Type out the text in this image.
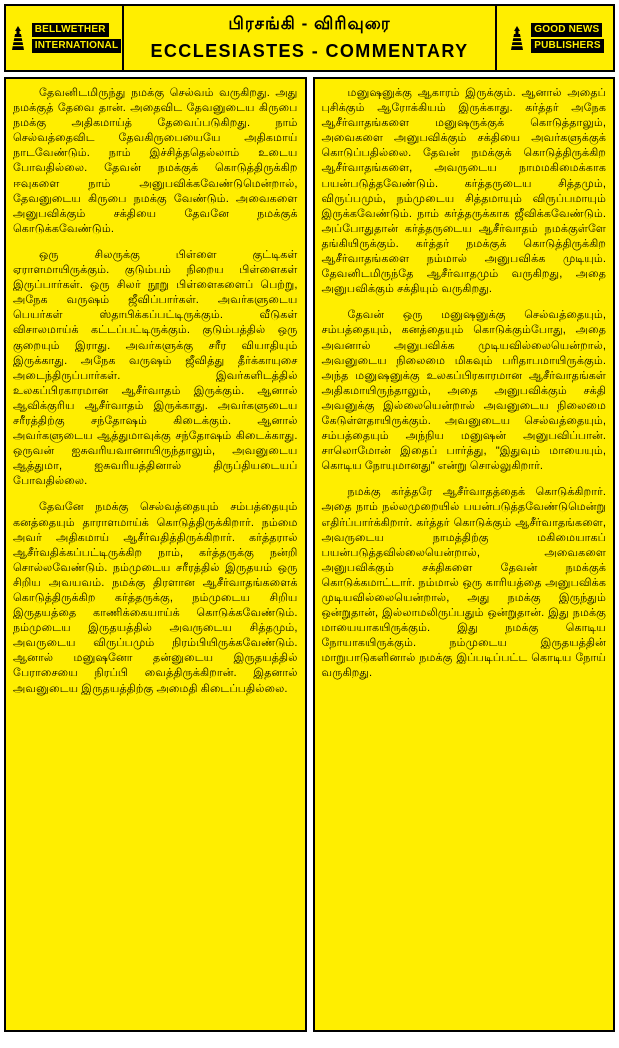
BELLWETHER
INTERNATIONAL
பிரசங்கி - விரிவுரை
ECCLESIASTES - COMMENTARY
GOOD NEWS
PUBLISHERS

தேவனிடமிருந்து நமக்கு செல்வம் வருகிறது. அது நமக்குத் தேவை தான். அதைவிட தேவனுடைய கிருபை நமக்கு அதிகமாய்த் தேவைப்படுகிறது. நாம் செல்வத்தைவிட தேவகிருபையையே அதிகமாய் நாடவேண்டும். நாம் இச்சித்ததெல்லாம் உடைய போவதில்லை. தேவன் நமக்குக் கொடுத்திருக்கிற ஈவுகளை நாம் அனுபவிக்கவேண்டுமென்றால், தேவனுடைய கிருபை நமக்கு வேண்டும். அவைகளை அனுபவிக்கும் சக்தியை தேவனே நமக்குக் கொடுக்கவேண்டும்.

ஒரு சிலருக்கு பிள்ளை குட்டிகள் ஏராளமாயிருக்கும். குடும்பம் நிறைய பிள்ளைகள் இருப்பார்கள். ஒரு சிலர் நூறு பிள்ளைகளைப் பெற்று, அநேக வருஷம் ஜீவிப்பார்கள். அவர்களுடைய பெயர்கள் ஸ்தாபிக்கப்பட்டிருக்கும். வீடுகள் விசாலமாய்க் கட்டப்பட்டிருக்கும். குடும்பத்தில் ஒரு குறையும் இராது. அவர்களுக்கு சரீர வியாதியும் இருக்காது. அநேக வருஷம் ஜீவித்து தீர்க்காயுசை அடைந்திருப்பார்கள். இவர்களிடத்தில் உலகப்பிரகாரமான ஆசீர்வாதம் இருக்கும். ஆனால் ஆவிக்குரிய ஆசீர்வாதம் இருக்காது. அவர்களுடைய சரீரத்திற்கு சந்தோஷம் கிடைக்கும். ஆனால் அவர்களுடைய ஆத்துமாவுக்கு சந்தோஷம் கிடைக்காது. ஒருவன் ஐசுவரியவானாயிருந்தாலும், அவனுடைய ஆத்துமா, ஐசுவரியத்தினால் திருப்தியடையப் போவதில்லை.

தேவனே நமக்கு செல்வத்தையும் சம்பத்தையும் கனத்தையும் தாராளமாய்க் கொடுத்திருக்கிறார். நம்மை அவர் அதிகமாய் ஆசீர்வதித்திருக்கிறார். கர்த்தரால் ஆசீர்வதிக்கப்பட்டிருக்கிற நாம், கர்த்தருக்கு நன்றி சொல்லவேண்டும். நம்முடைய சரீரத்தில் இருதயம் ஒரு சிறிய அவயவம். நமக்கு திரளான ஆசீர்வாதங்களைக் கொடுத்திருக்கிற கர்த்தருக்கு, நம்முடைய சிறிய இருதயத்தை காணிக்கையாய்க் கொடுக்கவேண்டும். நம்முடைய இருதயத்தில் அவருடைய சித்தமும், அவருடைய விருப்பமும் நிரம்பியிருக்கவேண்டும். ஆனால் மனுஷனோ தன்னுடைய இருதயத்தில் பேராசையை நிரப்பி வைத்திருக்கிறான். இதனால் அவனுடைய இருதயத்திற்கு அமைதி கிடைப்பதில்லை.

மனுஷனுக்கு ஆகாரம் இருக்கும். ஆனால் அதைப் புசிக்கும் ஆரோக்கியம் இருக்காது. கர்த்தர் அநேக ஆசீர்வாதங்களை மனுஷருக்குக் கொடுத்தாலும், அவைகளை அனுபவிக்கும் சக்தியை அவர்களுக்குக் கொடுப்பதில்லை. தேவன் நமக்குக் கொடுத்திருக்கிற ஆசீர்வாதங்களை, அவருடைய நாமமகிமைக்காக பயன்படுத்தவேண்டும். கர்த்தருடைய சித்தமும், விருப்பமும், நம்முடைய சித்தமாயும் விருப்பமாயும் இருக்கவேண்டும். நாம் கர்த்தருக்காக ஜீவிக்கவேண்டும். அப்போதுதான் கர்த்தருடைய ஆசீர்வாதம் நமக்குள்ளே தங்கியிருக்கும். கர்த்தர் நமக்குக் கொடுத்திருக்கிற ஆசீர்வாதங்களை நம்மால் அனுபவிக்க முடியும். தேவனிடமிருந்தே ஆசீர்வாதமும் வருகிறது, அதை அனுபவிக்கும் சக்தியும் வருகிறது.

தேவன் ஒரு மனுஷனுக்கு செல்வத்தையும், சம்பத்தையும், கனத்தையும் கொடுக்கும்போது, அதை அவனால் அனுபவிக்க முடியவில்லையென்றால், அவனுடைய நிலைமை மிகவும் பரிதாபமாயிருக்கும். அந்த மனுஷனுக்கு உலகப்பிரகாரமான ஆசீர்வாதங்கள் அதிகமாயிருந்தாலும், அதை அனுபவிக்கும் சக்தி அவனுக்கு இல்லையென்றால் அவனுடைய நிலைமை கேடுள்ளதாயிருக்கும். அவனுடைய செல்வத்தையும், சம்பத்தையும் அந்நிய மனுஷன் அனுபவிப்பான். சாலொமோன் இதைப் பார்த்து, "இதுவும் மாயையும், கொடிய நோயுமானது" என்று சொல்லுகிறார்.

நமக்கு கர்த்தரே ஆசீர்வாதத்தைக் கொடுக்கிறார். அதை நாம் நல்லமுறையில் பயன்படுத்தவேண்டுமென்று எதிர்ப்பார்க்கிறார். கர்த்தர் கொடுக்கும் ஆசீர்வாதங்களை, அவருடைய நாமத்திற்கு மகிமையாகப் பயன்படுத்தவில்லையென்றால், அவைகளை அனுபவிக்கும் சக்திகளை தேவன் நமக்குக் கொடுக்கமாட்டார். நம்மால் ஒரு காரியத்தை அனுபவிக்க முடியவில்லையென்றால், அது நமக்கு இருந்தும் ஒன்றுதான், இல்லாமலிருப்பதும் ஒன்றுதான். இது நமக்கு மாயையாகயிருக்கும். இது நமக்கு கொடிய நோயாகயிருக்கும். நம்முடைய இருதயத்தின் மாறுபாடுகளினால் நமக்கு இப்படிப்பட்ட கொடிய நோய் வருகிறது.
